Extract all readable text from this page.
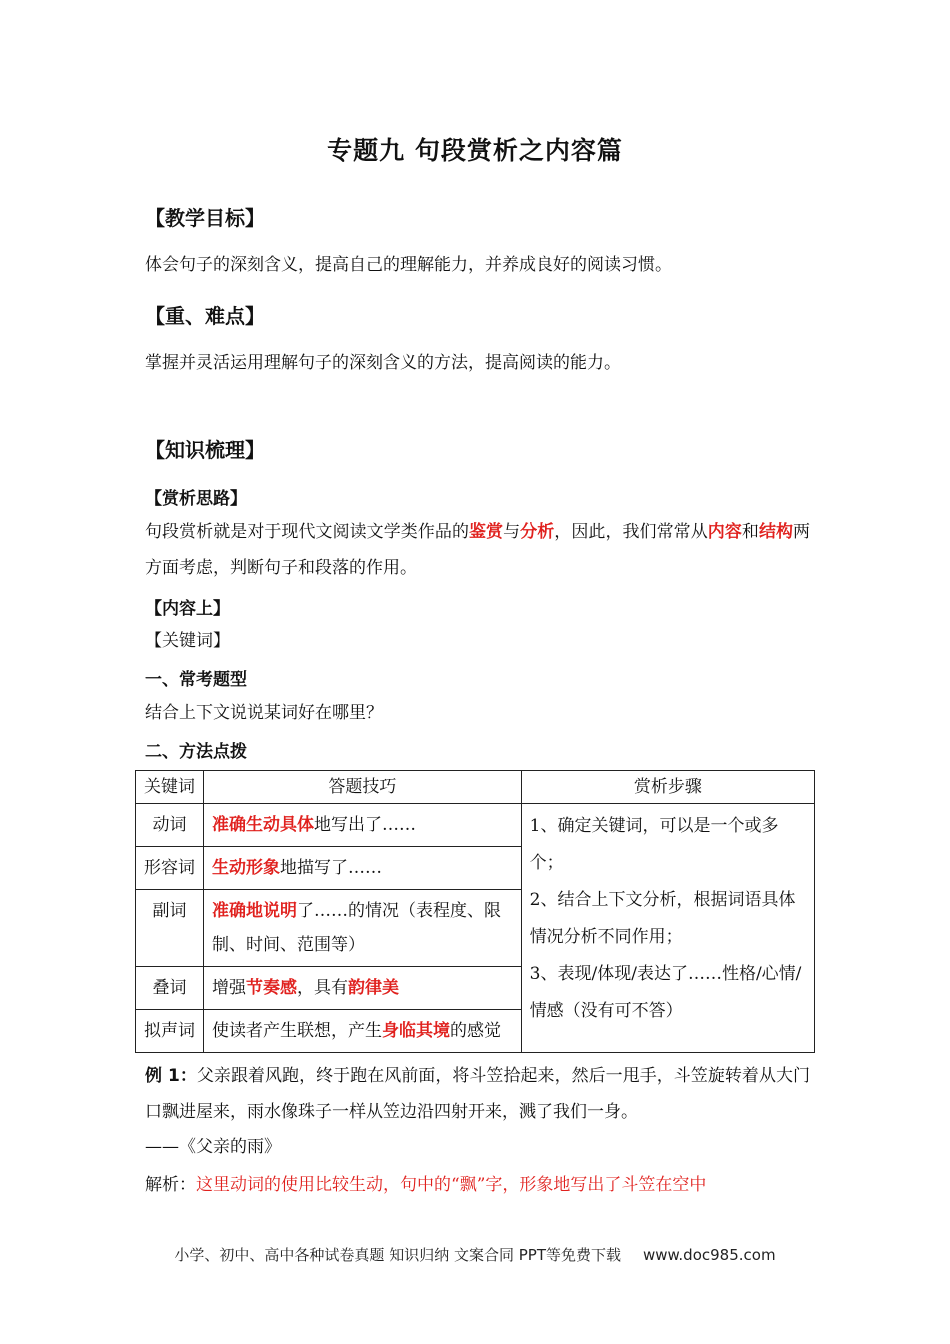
专题九 句段赏析之内容篇
【教学目标】
体会句子的深刻含义，提高自己的理解能力，并养成良好的阅读习惯。
【重、难点】
掌握并灵活运用理解句子的深刻含义的方法，提高阅读的能力。
【知识梳理】
【赏析思路】
句段赏析就是对于现代文阅读文学类作品的鉴赏与分析，因此，我们常常从内容和结构两方面考虑，判断句子和段落的作用。
【内容上】
【关键词】
一、常考题型
结合上下文说说某词好在哪里？
二、方法点拨
关键词	答题技巧	赏析步骤
动词	准确生动具体地写出了……	1、确定关键词，可以是一个或多个；
2、结合上下文分析，根据词语具体情况分析不同作用；
3、表现/体现/表达了……性格/心情/情感（没有可不答）

形容词	生动形象地描写了……	
副词	准确地说明了……的情况（表程度、限制、时间、范围等）	
叠词	增强节奏感，具有韵律美	
拟声词	使读者产生联想，产生身临其境的感觉	
例 1：父亲跟着风跑，终于跑在风前面，将斗笠拾起来，然后一甩手，斗笠旋转着从大门口飘进屋来，雨水像珠子一样从笠边沿四射开来，溅了我们一身。
——《父亲的雨》
解析：这里动词的使用比较生动，句中的“飘”字，形象地写出了斗笠在空中
小学、初中、高中各种试卷真题 知识归纳 文案合同 PPT等免费下载 www.doc985.com
